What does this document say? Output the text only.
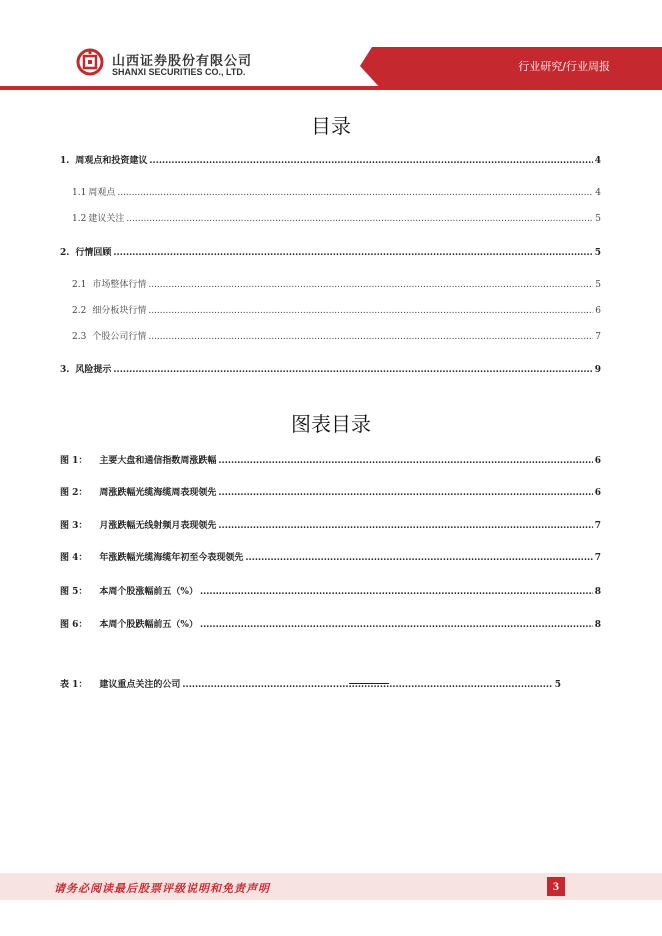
山西证券股份有限公司
SHANXI SECURITIES CO., LTD.	行业研究/行业周报
目录
1. 周观点和投资建议 .....	4
1.1 周观点 .....	4
1.2 建议关注 .....	5
2. 行情回顾 .....	5
2.1 市场整体行情 .....	5
2.2 细分板块行情 .....	6
2.3 个股公司行情 .....	7
3. 风险提示 .....	9
图表目录
图 1： 主要大盘和通信指数周涨跌幅 .....	6
图 2： 周涨跌幅光缆海缆周表现领先 .....	6
图 3： 月涨跌幅无线射频月表现领先 .....	7
图 4： 年涨跌幅光缆海缆年初至今表现领先 .....	7
图 5： 本周个股涨幅前五（%） .....	8
图 6： 本周个股跌幅前五（%） .....	8
表 1： 建议重点关注的公司 .....	5
请务必阅读最后股票评级说明和免责声明	3
